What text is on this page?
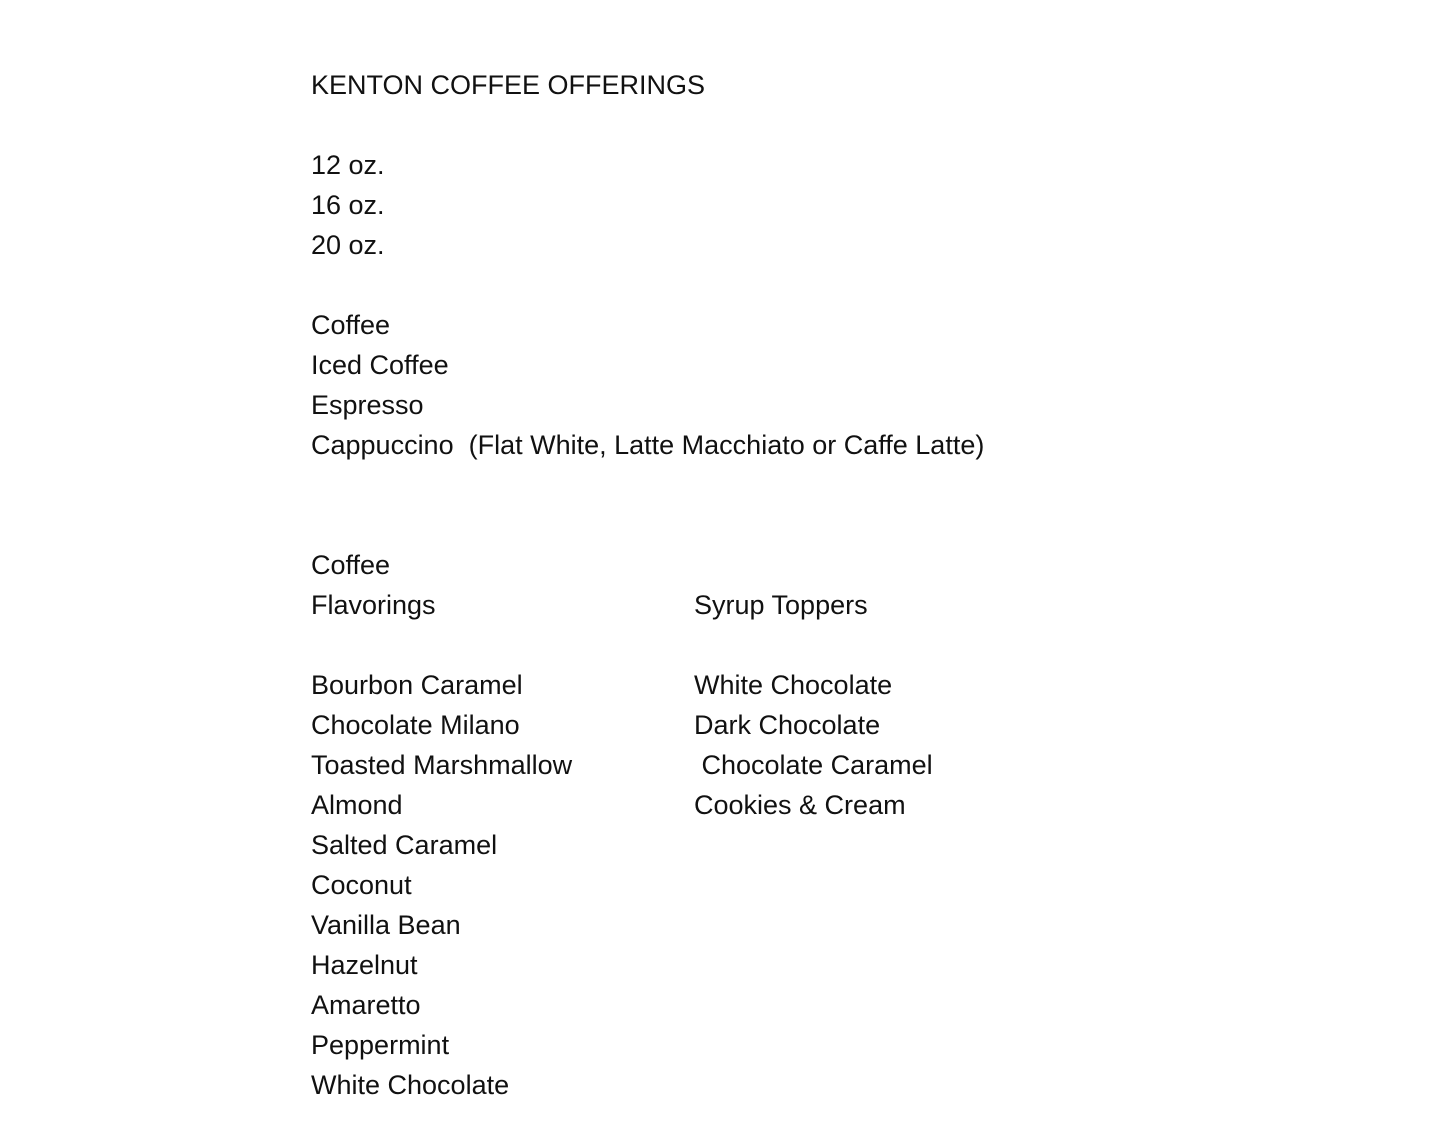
KENTON COFFEE OFFERINGS
12 oz.
16 oz.
20 oz.
Coffee
Iced Coffee
Espresso
Cappuccino  (Flat White, Latte Macchiato or Caffe Latte)
Coffee
Flavorings
Bourbon Caramel
Chocolate Milano
Toasted Marshmallow
Almond
Salted Caramel
Coconut
Vanilla Bean
Hazelnut
Amaretto
Peppermint
White Chocolate
Syrup Toppers
White Chocolate
Dark Chocolate
Chocolate Caramel
Cookies & Cream
